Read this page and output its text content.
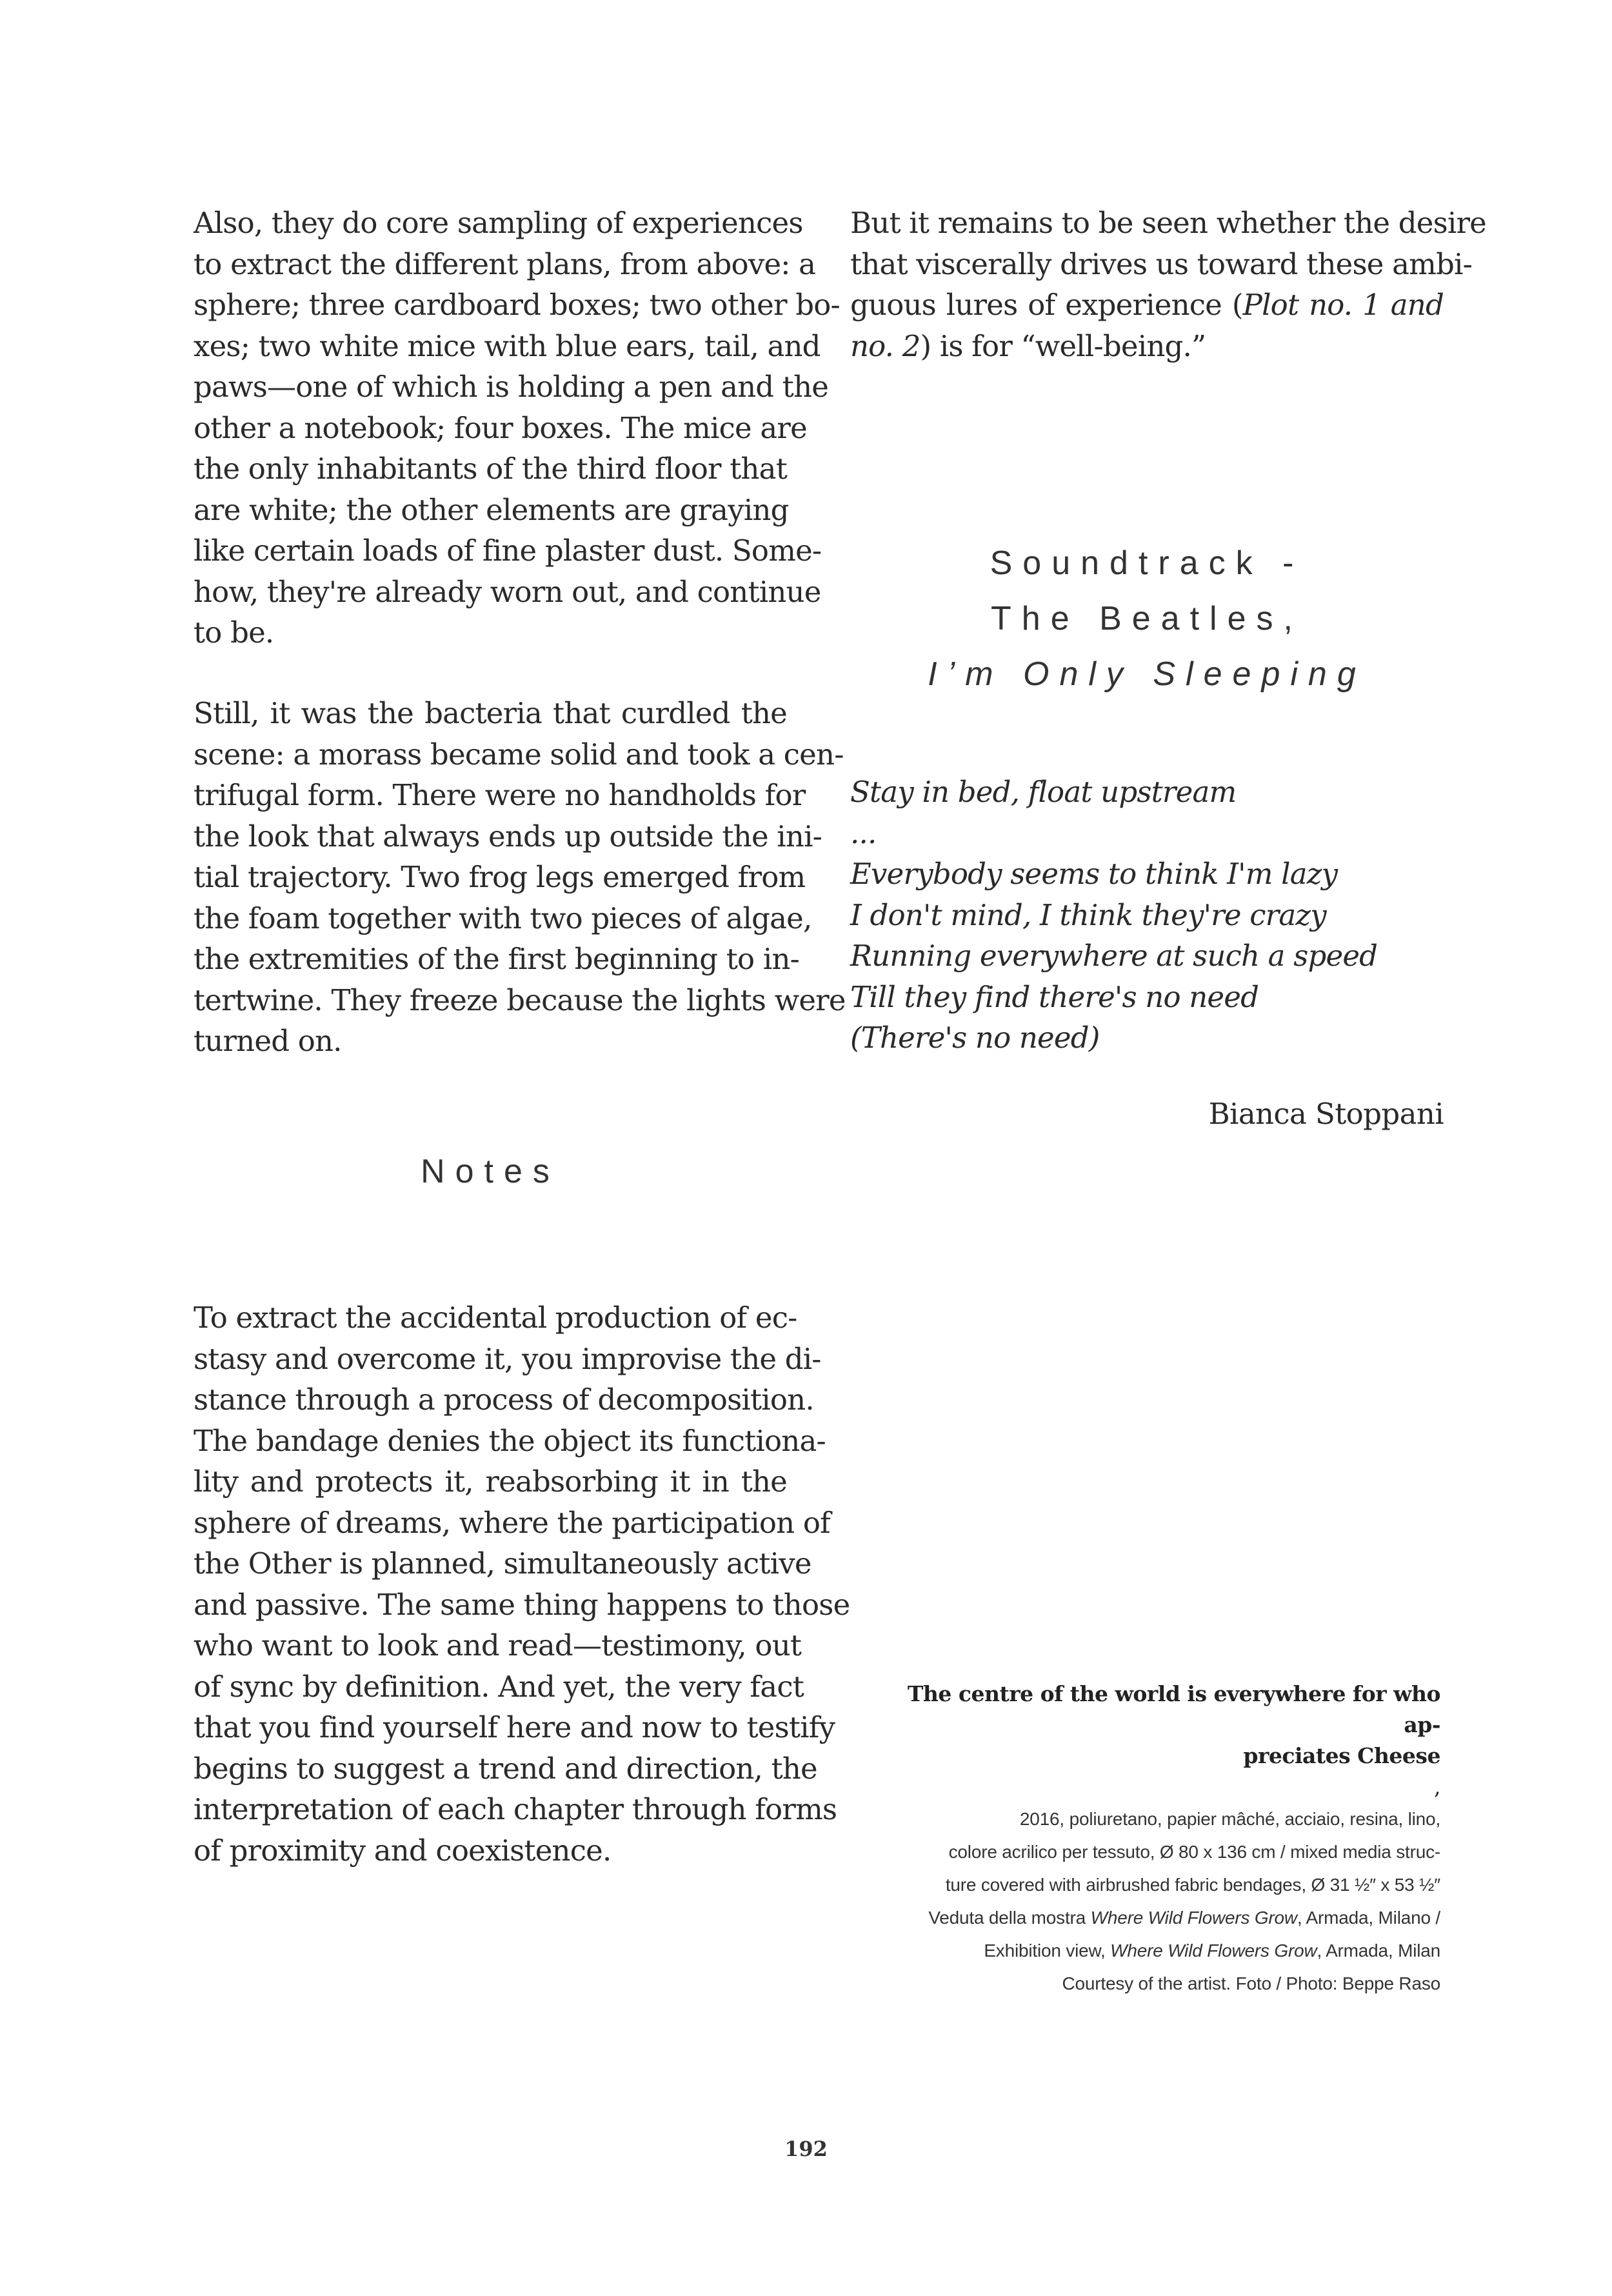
Also, they do core sampling of experiences
to extract the different plans, from above: a
sphere; three cardboard boxes; two other bo-
xes; two white mice with blue ears, tail, and
paws—one of which is holding a pen and the
other a notebook; four boxes. The mice are
the only inhabitants of the third floor that
are white; the other elements are graying
like certain loads of fine plaster dust. Some-
how, they're already worn out, and continue
to be.

Still, it was the bacteria that curdled the
scene: a morass became solid and took a cen-
trifugal form. There were no handholds for
the look that always ends up outside the ini-
tial trajectory. Two frog legs emerged from
the foam together with two pieces of algae,
the extremities of the first beginning to in-
tertwine. They freeze because the lights were
turned on.

Notes

To extract the accidental production of ec-
stasy and overcome it, you improvise the di-
stance through a process of decomposition.
The bandage denies the object its functiona-
lity and protects it, reabsorbing it in the
sphere of dreams, where the participation of
the Other is planned, simultaneously active
and passive. The same thing happens to those
who want to look and read—testimony, out
of sync by definition. And yet, the very fact
that you find yourself here and now to testify
begins to suggest a trend and direction, the
interpretation of each chapter through forms
of proximity and coexistence.

But it remains to be seen whether the desire
that viscerally drives us toward these ambi-
guous lures of experience (Plot no. 1 and
no. 2) is for “well-being.”

Soundtrack -
The Beatles,
I’m Only Sleeping

Stay in bed, float upstream
...
Everybody seems to think I'm lazy
I don't mind, I think they're crazy
Running everywhere at such a speed
Till they find there's no need
(There's no need)

Bianca Stoppani

The centre of the world is everywhere for who ap-
preciates Cheese
,
2016, poliuretano, papier mâché, acciaio, resina, lino,
colore acrilico per tessuto, Ø 80 x 136 cm / mixed media struc-
ture covered with airbrushed fabric bendages, Ø 31 ½″ x 53 ½″
Veduta della mostra Where Wild Flowers Grow, Armada, Milano /
Exhibition view, Where Wild Flowers Grow, Armada, Milan
Courtesy of the artist. Foto / Photo: Beppe Raso
192
